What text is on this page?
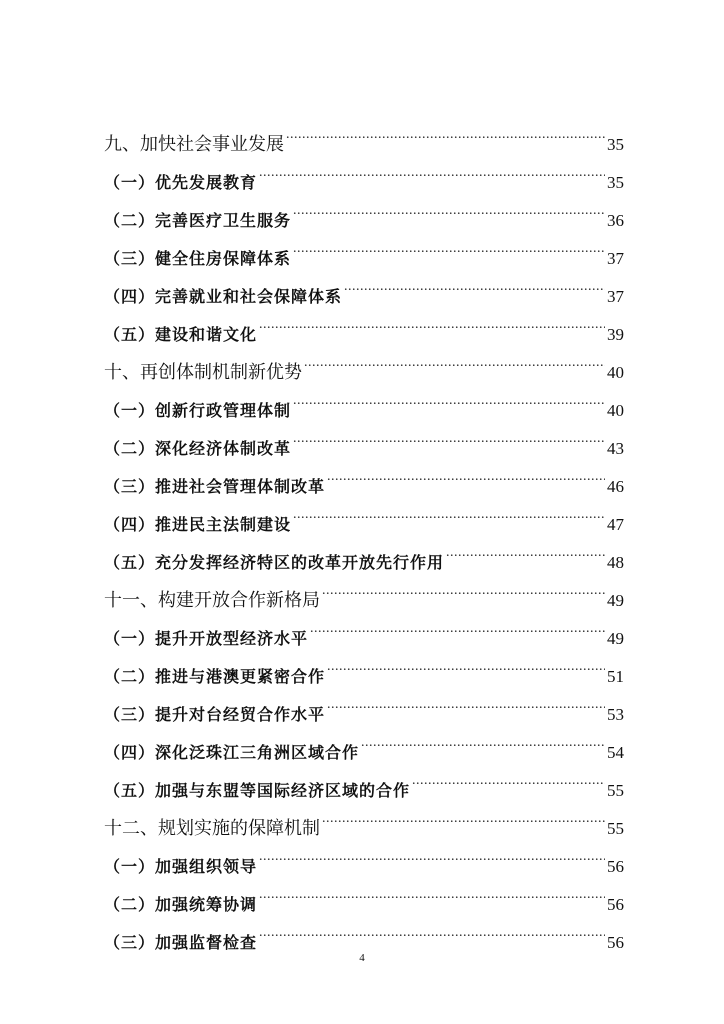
九、加快社会事业发展 .....	35
（一）优先发展教育 .....	35
（二）完善医疗卫生服务 .....	36
（三）健全住房保障体系 .....	37
（四）完善就业和社会保障体系 .....	37
（五）建设和谐文化 .....	39
十、再创体制机制新优势 .....	40
（一）创新行政管理体制 .....	40
（二）深化经济体制改革 .....	43
（三）推进社会管理体制改革 .....	46
（四）推进民主法制建设 .....	47
（五）充分发挥经济特区的改革开放先行作用 .....	48
十一、构建开放合作新格局 .....	49
（一）提升开放型经济水平 .....	49
（二）推进与港澳更紧密合作 .....	51
（三）提升对台经贸合作水平 .....	53
（四）深化泛珠江三角洲区域合作 .....	54
（五）加强与东盟等国际经济区域的合作 .....	55
十二、规划实施的保障机制 .....	55
（一）加强组织领导 .....	56
（二）加强统筹协调 .....	56
（三）加强监督检查 .....	56
4
